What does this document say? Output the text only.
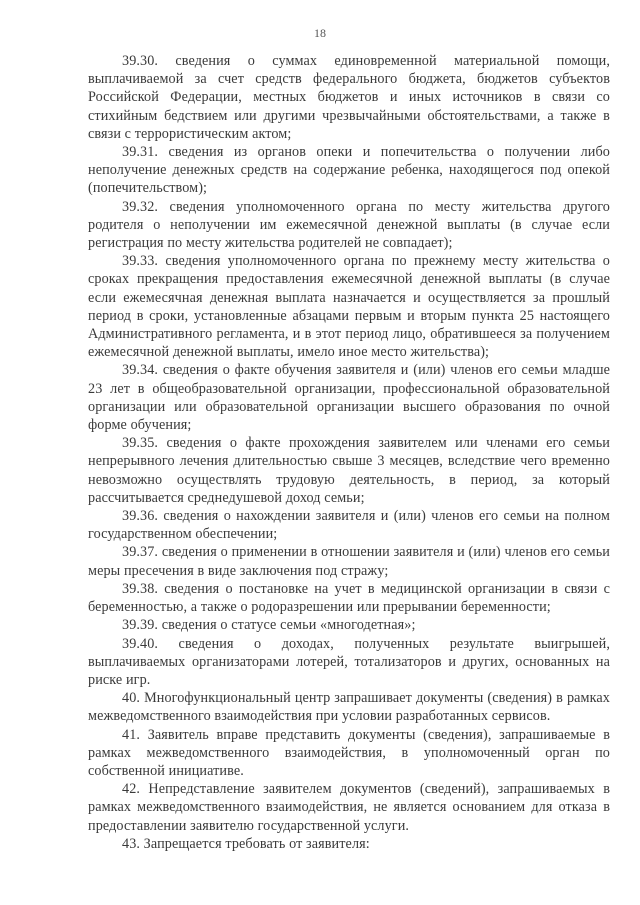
18

39.30. сведения о суммах единовременной материальной помощи, выплачиваемой за счет средств федерального бюджета, бюджетов субъектов Российской Федерации, местных бюджетов и иных источников в связи со стихийным бедствием или другими чрезвычайными обстоятельствами, а также в связи с террористическим актом;

39.31. сведения из органов опеки и попечительства о получении либо неполучение денежных средств на содержание ребенка, находящегося под опекой (попечительством);

39.32. сведения уполномоченного органа по месту жительства другого родителя о неполучении им ежемесячной денежной выплаты (в случае если регистрация по месту жительства родителей не совпадает);

39.33. сведения уполномоченного органа по прежнему месту жительства о сроках прекращения предоставления ежемесячной денежной выплаты (в случае если ежемесячная денежная выплата назначается и осуществляется за прошлый период в сроки, установленные абзацами первым и вторым пункта 25 настоящего Административного регламента, и в этот период лицо, обратившееся за получением ежемесячной денежной выплаты, имело иное место жительства);

39.34. сведения о факте обучения заявителя и (или) членов его семьи младше 23 лет в общеобразовательной организации, профессиональной образовательной организации или образовательной организации высшего образования по очной форме обучения;

39.35. сведения о факте прохождения заявителем или членами его семьи непрерывного лечения длительностью свыше 3 месяцев, вследствие чего временно невозможно осуществлять трудовую деятельность, в период, за который рассчитывается среднедушевой доход семьи;

39.36. сведения о нахождении заявителя и (или) членов его семьи на полном государственном обеспечении;

39.37. сведения о применении в отношении заявителя и (или) членов его семьи меры пресечения в виде заключения под стражу;

39.38. сведения о постановке на учет в медицинской организации в связи с беременностью, а также о родоразрешении или прерывании беременности;

39.39. сведения о статусе семьи «многодетная»;

39.40. сведения о доходах, полученных результате выигрышей, выплачиваемых организаторами лотерей, тотализаторов и других, основанных на риске игр.

40. Многофункциональный центр запрашивает документы (сведения) в рамках межведомственного взаимодействия при условии разработанных сервисов.

41. Заявитель вправе представить документы (сведения), запрашиваемые в рамках межведомственного взаимодействия, в уполномоченный орган по собственной инициативе.

42. Непредставление заявителем документов (сведений), запрашиваемых в рамках межведомственного взаимодействия, не является основанием для отказа в предоставлении заявителю государственной услуги.

43. Запрещается требовать от заявителя:
